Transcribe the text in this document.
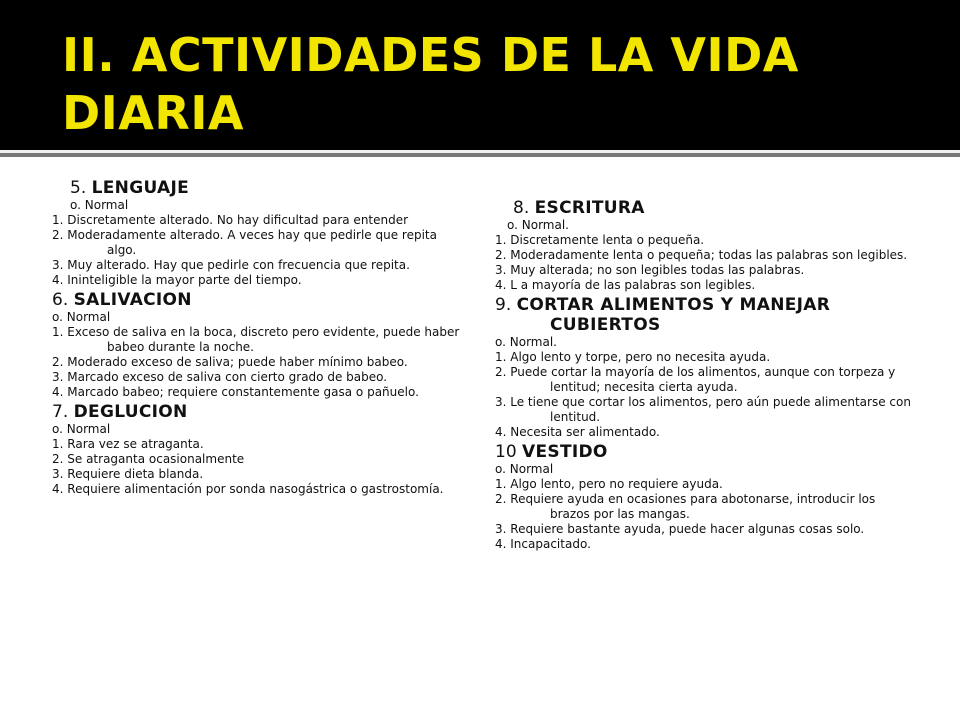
II. ACTIVIDADES DE LA VIDA DIARIA
5. LENGUAJE

o. Normal

1. Discretamente alterado. No hay dificultad para entender

2. Moderadamente alterado. A veces hay que pedirle que repita algo.

3. Muy alterado. Hay que pedirle con frecuencia que repita.

4. Ininteligible la mayor parte del tiempo.

6. SALIVACION

o. Normal

1. Exceso de saliva en la boca, discreto pero evidente, puede haber babeo durante la noche.

2. Moderado exceso de saliva; puede haber mínimo babeo.

3. Marcado exceso de saliva con cierto grado de babeo.

4. Marcado babeo; requiere constantemente gasa o pañuelo.

7. DEGLUCION

o. Normal

1. Rara vez se atraganta.

2. Se atraganta ocasionalmente

3. Requiere dieta blanda.

4. Requiere alimentación por sonda nasogástrica o gastrostomía.

8. ESCRITURA

o. Normal.

1. Discretamente lenta o pequeña.

2. Moderadamente lenta o pequeña; todas las palabras son legibles.

3. Muy alterada; no son legibles todas las palabras.

4. L a mayoría de las palabras son legibles.

9. CORTAR ALIMENTOS Y MANEJAR CUBIERTOS

o. Normal.

1. Algo lento y torpe, pero no necesita ayuda.

2. Puede cortar la mayoría de los alimentos, aunque con torpeza y lentitud; necesita cierta ayuda.

3. Le tiene que cortar los alimentos, pero aún puede alimentarse con lentitud.

4. Necesita ser alimentado.

10 VESTIDO

o. Normal

1. Algo lento, pero no requiere ayuda.

2. Requiere ayuda en ocasiones para abotonarse, introducir los brazos por las mangas.

3. Requiere bastante ayuda, puede hacer algunas cosas solo.

4. Incapacitado.
